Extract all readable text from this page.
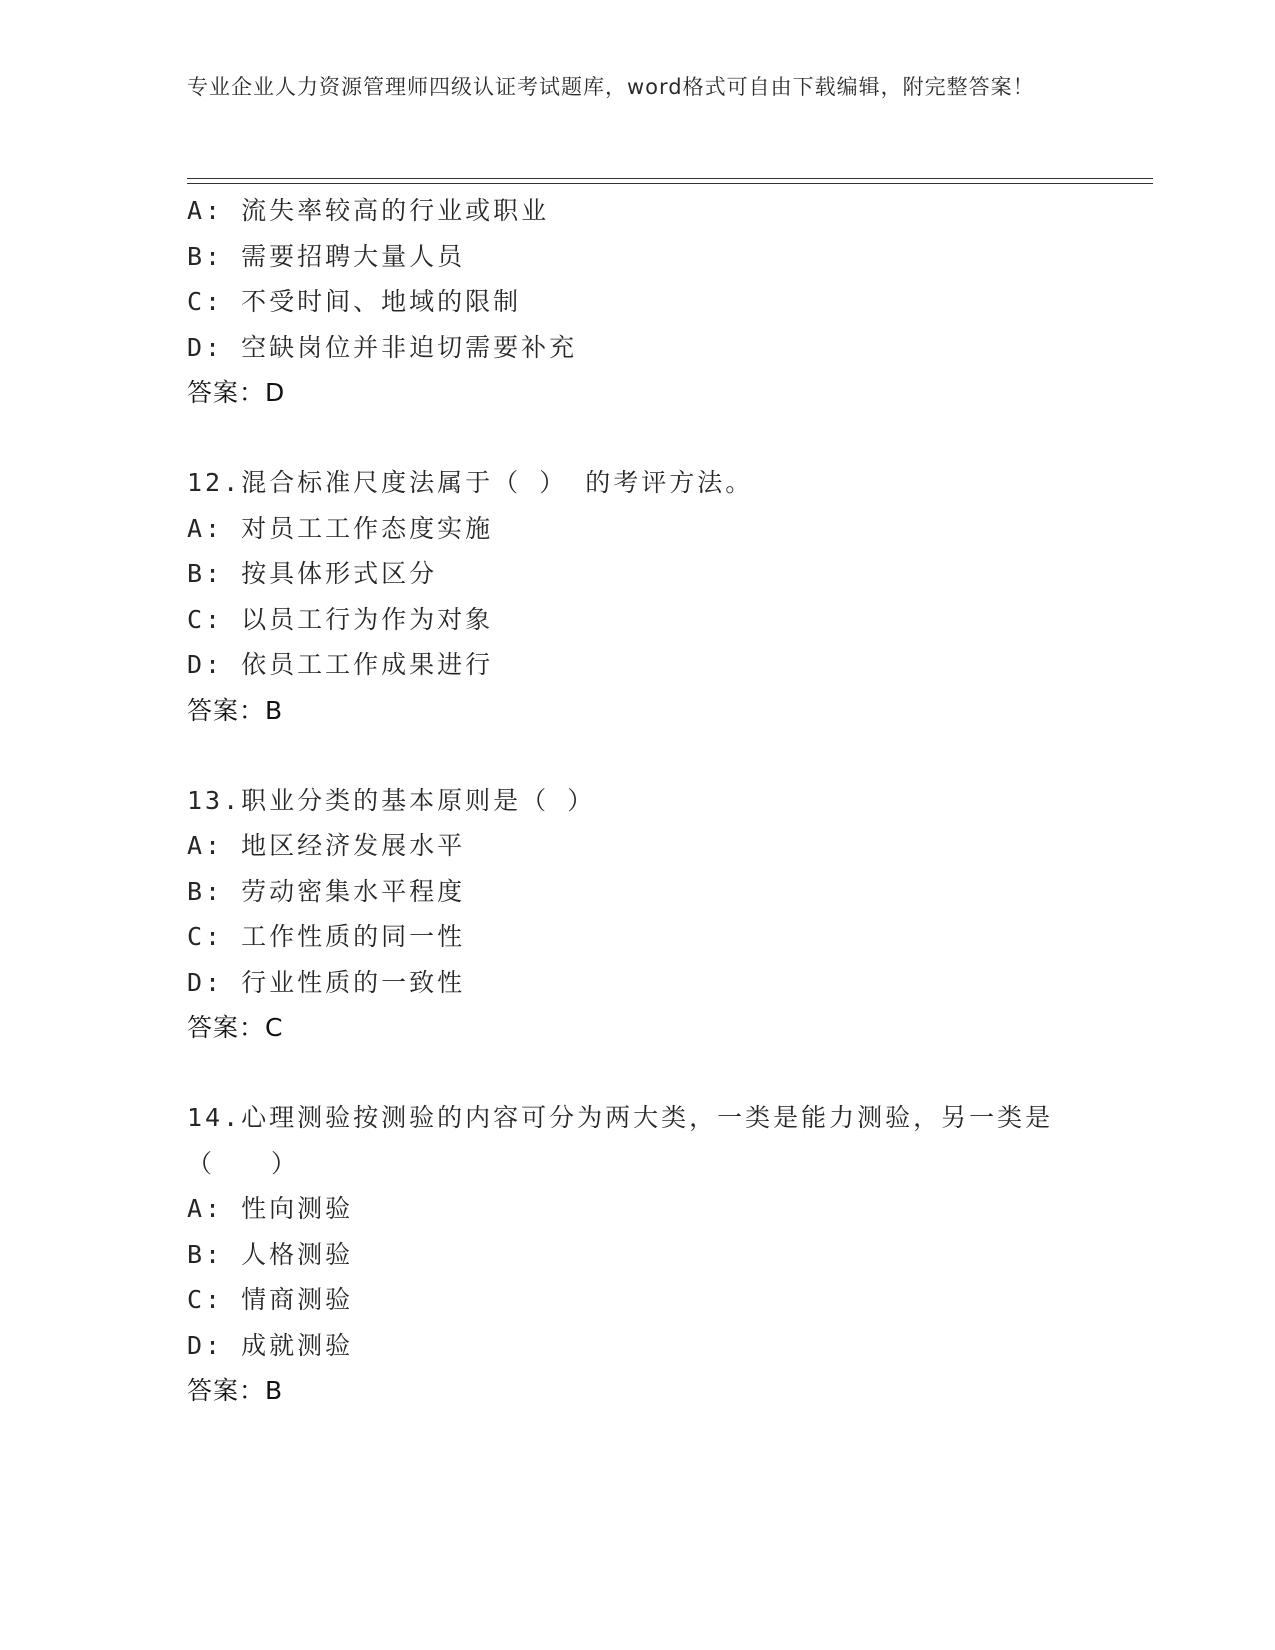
专业企业人力资源管理师四级认证考试题库，word格式可自由下载编辑，附完整答案！
A: 流失率较高的行业或职业
B: 需要招聘大量人员
C: 不受时间、地域的限制
D: 空缺岗位并非迫切需要补充
答案：D
12.混合标准尺度法属于（ ） 的考评方法。
A: 对员工工作态度实施
B: 按具体形式区分
C: 以员工行为作为对象
D: 依员工工作成果进行
答案：B
13.职业分类的基本原则是（ ）
A: 地区经济发展水平
B: 劳动密集水平程度
C: 工作性质的同一性
D: 行业性质的一致性
答案：C
14.心理测验按测验的内容可分为两大类，一类是能力测验，另一类是
（　　）
A: 性向测验
B: 人格测验
C: 情商测验
D: 成就测验
答案：B
